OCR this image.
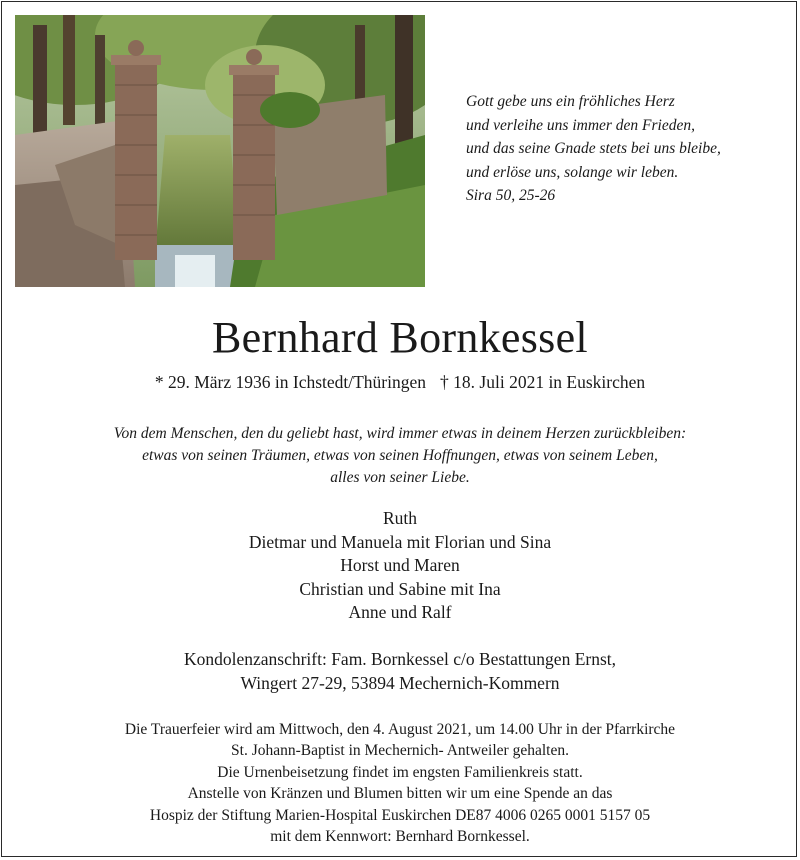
Gott gebe uns ein fröhliches Herz
und verleihe uns immer den Frieden,
und das seine Gnade stets bei uns bleibe,
und erlöse uns, solange wir leben.
Sira 50, 25-26
Bernhard Bornkessel
* 29. März 1936 in Ichstedt/Thüringen † 18. Juli 2021 in Euskirchen
Von dem Menschen, den du geliebt hast, wird immer etwas in deinem Herzen zurückbleiben:
etwas von seinen Träumen, etwas von seinen Hoffnungen, etwas von seinem Leben,
alles von seiner Liebe.
Ruth
Dietmar und Manuela mit Florian und Sina
Horst und Maren
Christian und Sabine mit Ina
Anne und Ralf
Kondolenzanschrift: Fam. Bornkessel c/o Bestattungen Ernst,
Wingert 27-29, 53894 Mechernich-Kommern
Die Trauerfeier wird am Mittwoch, den 4. August 2021, um 14.00 Uhr in der Pfarrkirche
St. Johann-Baptist in Mechernich- Antweiler gehalten.
Die Urnenbeisetzung findet im engsten Familienkreis statt.
Anstelle von Kränzen und Blumen bitten wir um eine Spende an das
Hospiz der Stiftung Marien-Hospital Euskirchen DE87 4006 0265 0001 5157 05
mit dem Kennwort: Bernhard Bornkessel.
